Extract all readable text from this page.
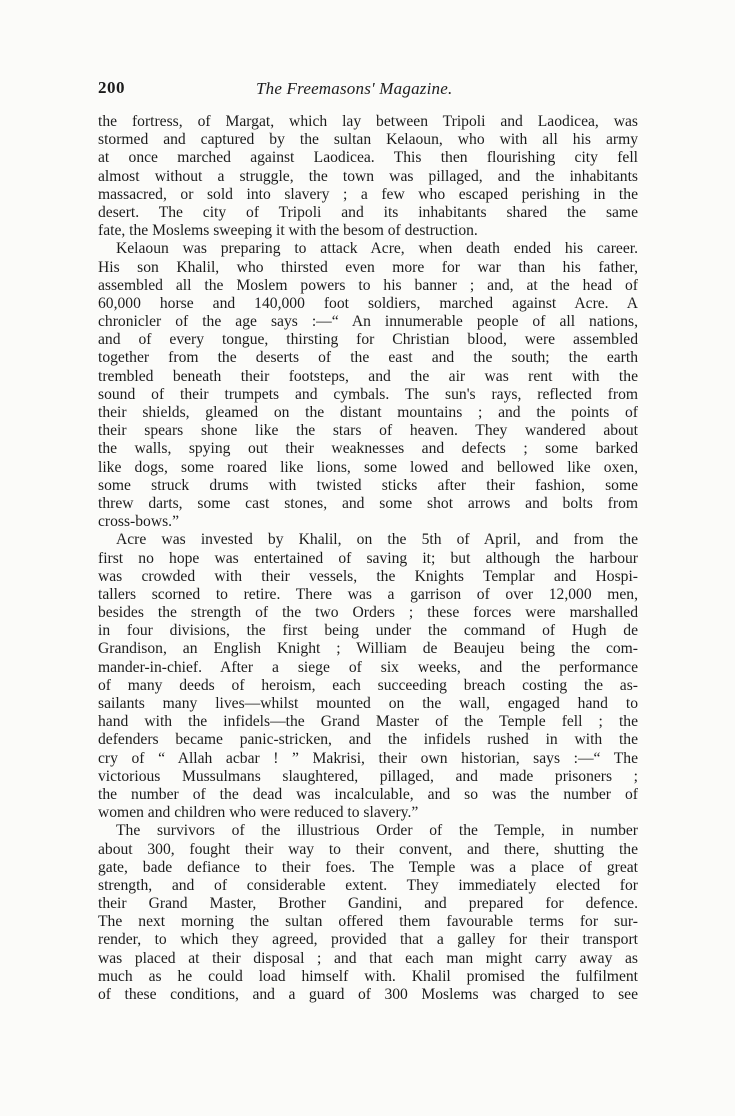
200	The Freemasons' Magazine.
the fortress, of Margat, which lay between Tripoli and Laodicea, was
stormed and captured by the sultan Kelaoun, who with all his army
at once marched against Laodicea. This then flourishing city fell
almost without a struggle, the town was pillaged, and the inhabitants
massacred, or sold into slavery ; a few who escaped perishing in the
desert. The city of Tripoli and its inhabitants shared the same
fate, the Moslems sweeping it with the besom of destruction.
Kelaoun was preparing to attack Acre, when death ended his career.
His son Khalil, who thirsted even more for war than his father,
assembled all the Moslem powers to his banner ; and, at the head of
60,000 horse and 140,000 foot soldiers, marched against Acre. A
chronicler of the age says :—“ An innumerable people of all nations,
and of every tongue, thirsting for Christian blood, were assembled
together from the deserts of the east and the south; the earth
trembled beneath their footsteps, and the air was rent with the
sound of their trumpets and cymbals. The sun's rays, reflected from
their shields, gleamed on the distant mountains ; and the points of
their spears shone like the stars of heaven. They wandered about
the walls, spying out their weaknesses and defects ; some barked
like dogs, some roared like lions, some lowed and bellowed like oxen,
some struck drums with twisted sticks after their fashion, some
threw darts, some cast stones, and some shot arrows and bolts from
cross-bows.”
Acre was invested by Khalil, on the 5th of April, and from the
first no hope was entertained of saving it; but although the harbour
was crowded with their vessels, the Knights Templar and Hospi-
tallers scorned to retire. There was a garrison of over 12,000 men,
besides the strength of the two Orders ; these forces were marshalled
in four divisions, the first being under the command of Hugh de
Grandison, an English Knight ; William de Beaujeu being the com-
mander-in-chief. After a siege of six weeks, and the performance
of many deeds of heroism, each succeeding breach costing the as-
sailants many lives—whilst mounted on the wall, engaged hand to
hand with the infidels—the Grand Master of the Temple fell ; the
defenders became panic-stricken, and the infidels rushed in with the
cry of “ Allah acbar ! ” Makrisi, their own historian, says :—“ The
victorious Mussulmans slaughtered, pillaged, and made prisoners ;
the number of the dead was incalculable, and so was the number of
women and children who were reduced to slavery.”
The survivors of the illustrious Order of the Temple, in number
about 300, fought their way to their convent, and there, shutting the
gate, bade defiance to their foes. The Temple was a place of great
strength, and of considerable extent. They immediately elected for
their Grand Master, Brother Gandini, and prepared for defence.
The next morning the sultan offered them favourable terms for sur-
render, to which they agreed, provided that a galley for their transport
was placed at their disposal ; and that each man might carry away as
much as he could load himself with. Khalil promised the fulfilment
of these conditions, and a guard of 300 Moslems was charged to see
